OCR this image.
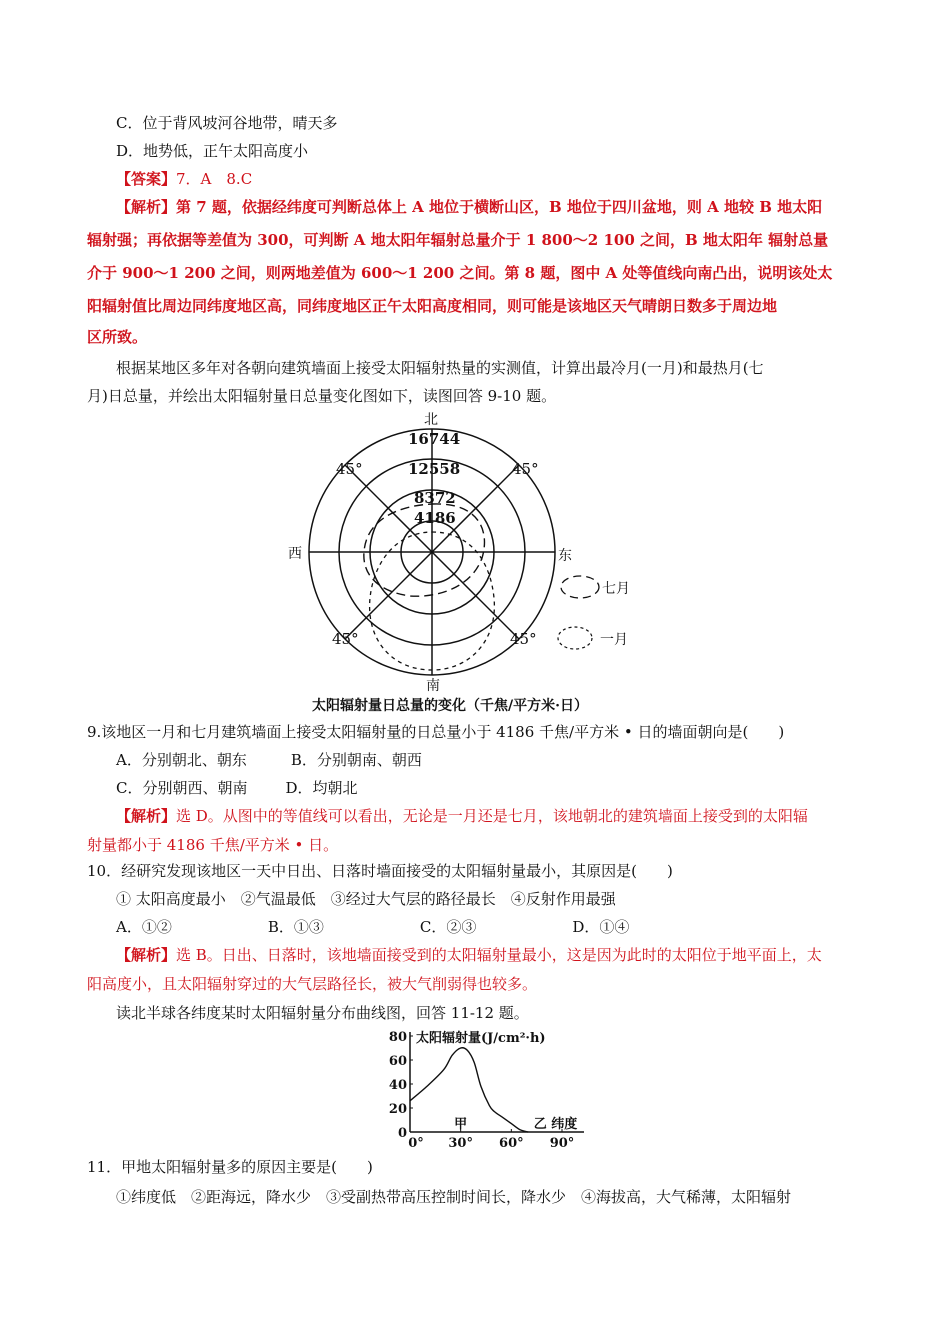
C．位于背风坡河谷地带，晴天多
D．地势低，正午太阳高度小
【答案】7．A　8.C
【解析】第 7 题，依据经纬度可判断总体上 A 地位于横断山区，B 地位于四川盆地，则 A 地较 B 地太阳
辐射强；再依据等差值为 300，可判断 A 地太阳年辐射总量介于 1 800～2 100 之间，B 地太阳年 辐射总量
介于 900～1 200 之间，则两地差值为 600～1 200 之间。第 8 题，图中 A 处等值线向南凸出，说明该处太
阳辐射值比周边同纬度地区高，同纬度地区正午太阳高度相同，则可能是该地区天气晴朗日数多于周边地
区所致。
根据某地区多年对各朝向建筑墙面上接受太阳辐射热量的实测值，计算出最冷月(一月)和最热月(七
月)日总量，并绘出太阳辐射量日总量变化图如下，读图回答 9-10 题。
北
16744
12558
8372
4186
西	东
南
45°	45°
45°	45°
七月
一月
太阳辐射量日总量的变化（千焦/平方米·日）
9.该地区一月和七月建筑墙面上接受太阳辐射量的日总量小于 4186 千焦/平方米 • 日的墙面朝向是(　　)
A．分别朝北、朝东	B．分别朝南、朝西
C．分别朝西、朝南	D．均朝北
【解析】选 D。从图中的等值线可以看出，无论是一月还是七月，该地朝北的建筑墙面上接受到的太阳辐
射量都小于 4186 千焦/平方米 • 日。
10．经研究发现该地区一天中日出、日落时墙面接受的太阳辐射量最小，其原因是(　　)
① 太阳高度最小　②气温最低　③经过大气层的路径最长　④反射作用最强
A．①②	B．①③	C．②③	D．①④
【解析】选 B。日出、日落时，该地墙面接受到的太阳辐射量最小，这是因为此时的太阳位于地平面上，太
阳高度小，且太阳辐射穿过的大气层路径长，被大气削弱得也较多。
读北半球各纬度某时太阳辐射量分布曲线图，回答 11-12 题。
0
20
40
60
80
0° 30° 60° 90°
太阳辐射量(J/cm²·h)
甲	乙 纬度
11．甲地太阳辐射量多的原因主要是(　　)
①纬度低　②距海远，降水少　③受副热带高压控制时间长，降水少　④海拔高，大气稀薄，太阳辐射
